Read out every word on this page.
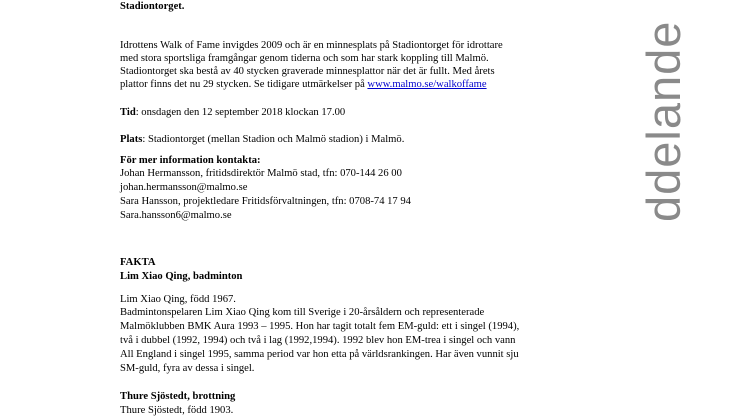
Stadiontorget.
Idrottens Walk of Fame invigdes 2009 och är en minnesplats på Stadiontorget för idrottare
med stora sportsliga framgångar genom tiderna och som har stark koppling till Malmö.
Stadiontorget ska bestå av 40 stycken graverade minnesplattor när det är fullt. Med årets
plattor finns det nu 29 stycken. Se tidigare utmärkelser på www.malmo.se/walkoffame
Tid: onsdagen den 12 september 2018 klockan 17.00
Plats: Stadiontorget (mellan Stadion och Malmö stadion) i Malmö.
För mer information kontakta:
Johan Hermansson, fritidsdirektör Malmö stad, tfn: 070-144 26 00
johan.hermansson@malmo.se
Sara Hansson, projektledare Fritidsförvaltningen, tfn: 0708-74 17 94
Sara.hansson6@malmo.se
FAKTA
Lim Xiao Qing, badminton
Lim Xiao Qing, född 1967.
Badmintonspelaren Lim Xiao Qing kom till Sverige i 20-årsåldern och representerade
Malmöklubben BMK Aura 1993 – 1995. Hon har tagit totalt fem EM-guld: ett i singel (1994),
två i dubbel (1992, 1994) och två i lag (1992,1994). 1992 blev hon EM-trea i singel och vann
All England i singel 1995, samma period var hon etta på världsrankingen. Har även vunnit sju
SM-guld, fyra av dessa i singel.
Thure Sjöstedt, brottning
Thure Sjöstedt, född 1903.
ddelande
